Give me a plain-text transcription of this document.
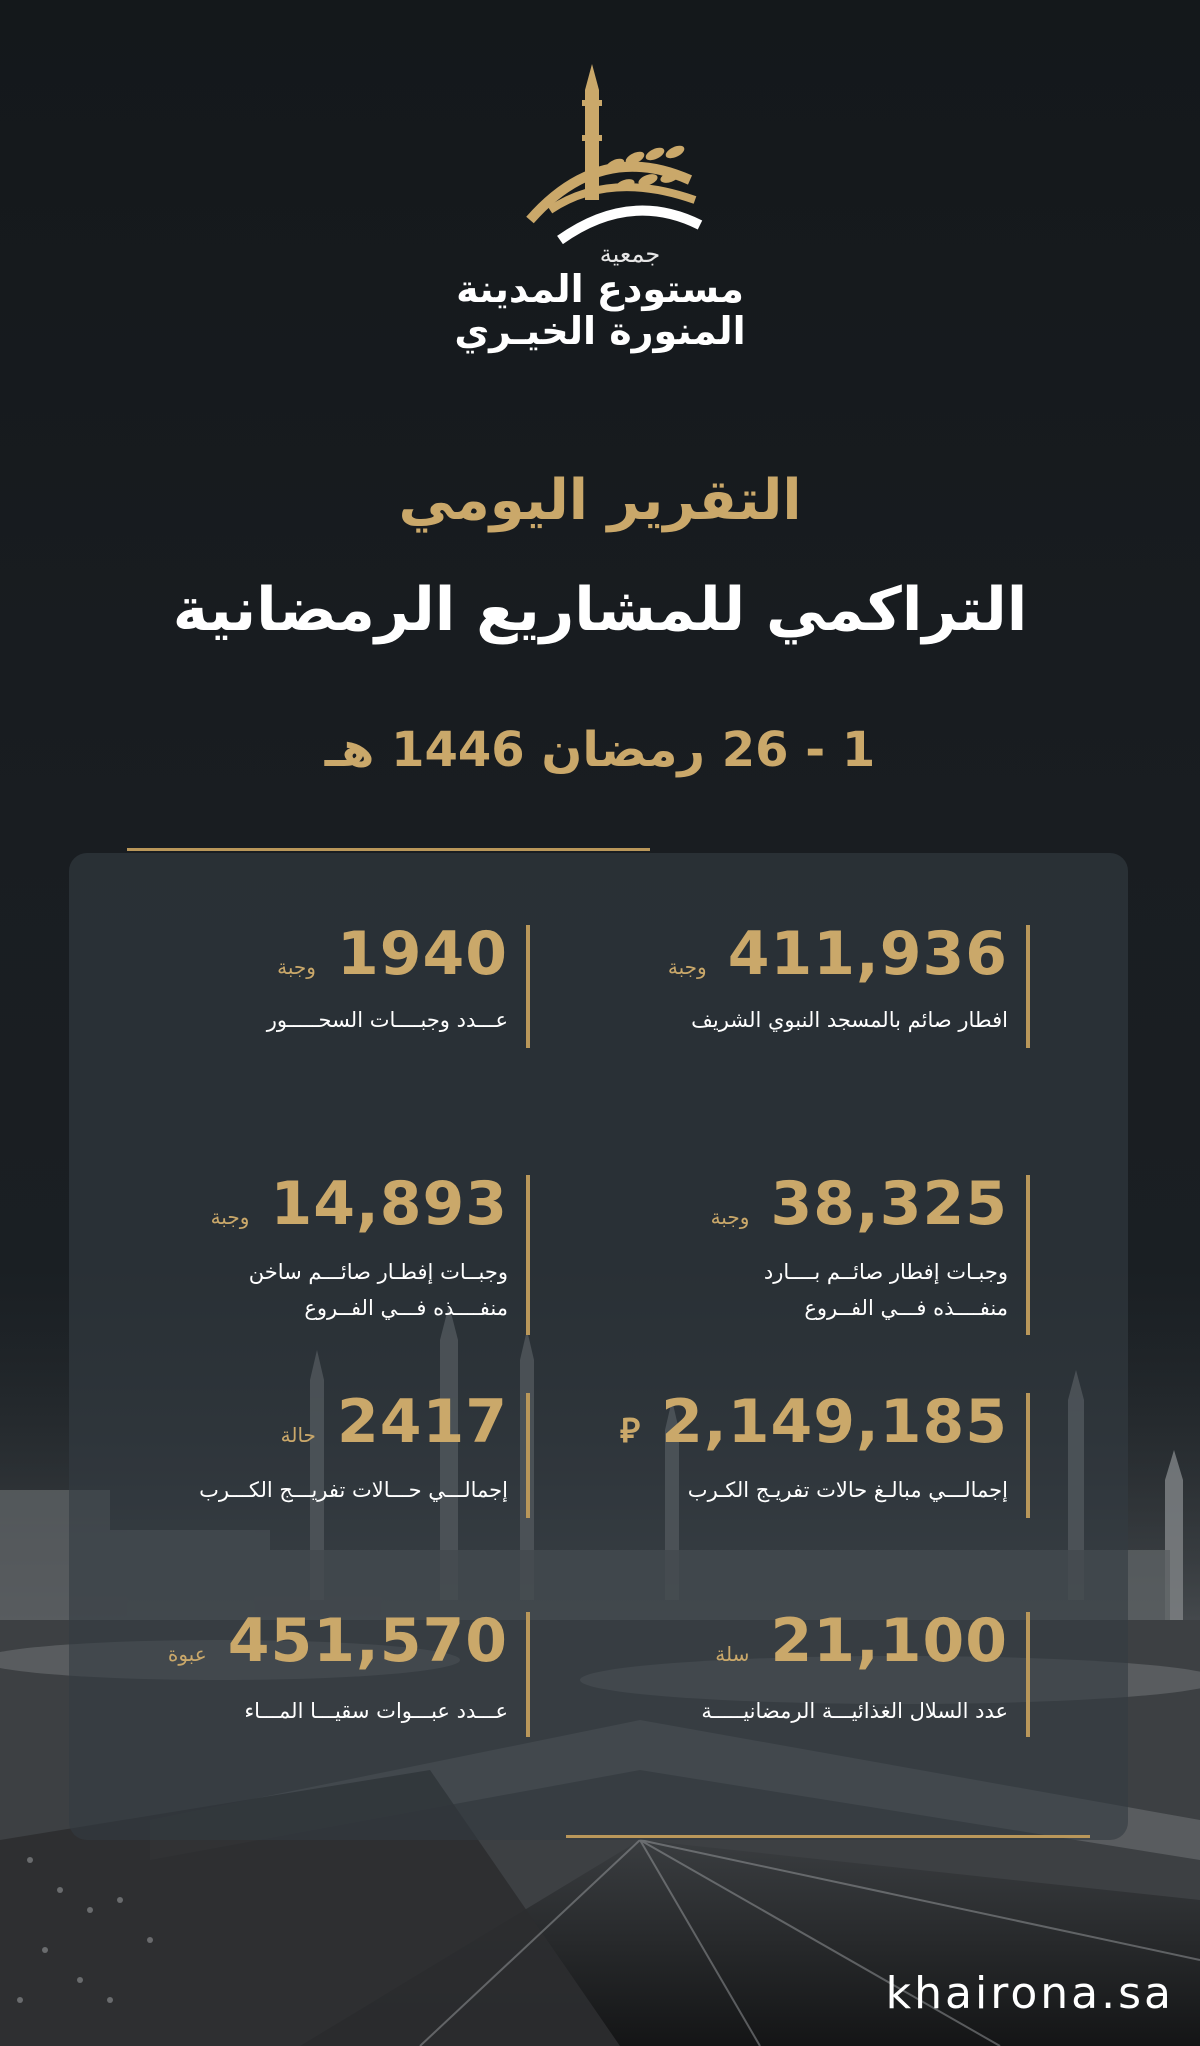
جمعية
مستودع المدينة
المنورة الخيـري
التقرير اليومي
التراكمي للمشاريع الرمضانية
1 - 26 رمضان 1446 هـ
411,936 وجبة
افطار صائم بالمسجد النبوي الشريف
1940 وجبة
عـــدد وجبــــات السحـــــور
38,325 وجبة
وجبـات إفطار صائــم بــــارد
منفــــذه فـــي الفــروع
14,893 وجبة
وجبــات إفطـار صائـــم ساخن
منفــــذه فـــي الفــروع
2,149,185 ⃁
إجمالـــي مبالـغ حالات تفريـج الكـرب
2417 حالة
إجمالـــي حـــالات تفريـــج الكـــرب
21,100 سلة
عدد السلال الغذائيـــة الرمضانيـــــة
451,570 عبوة
عـــدد عبـــوات سقيـــا المـــاء
khairona.sa
